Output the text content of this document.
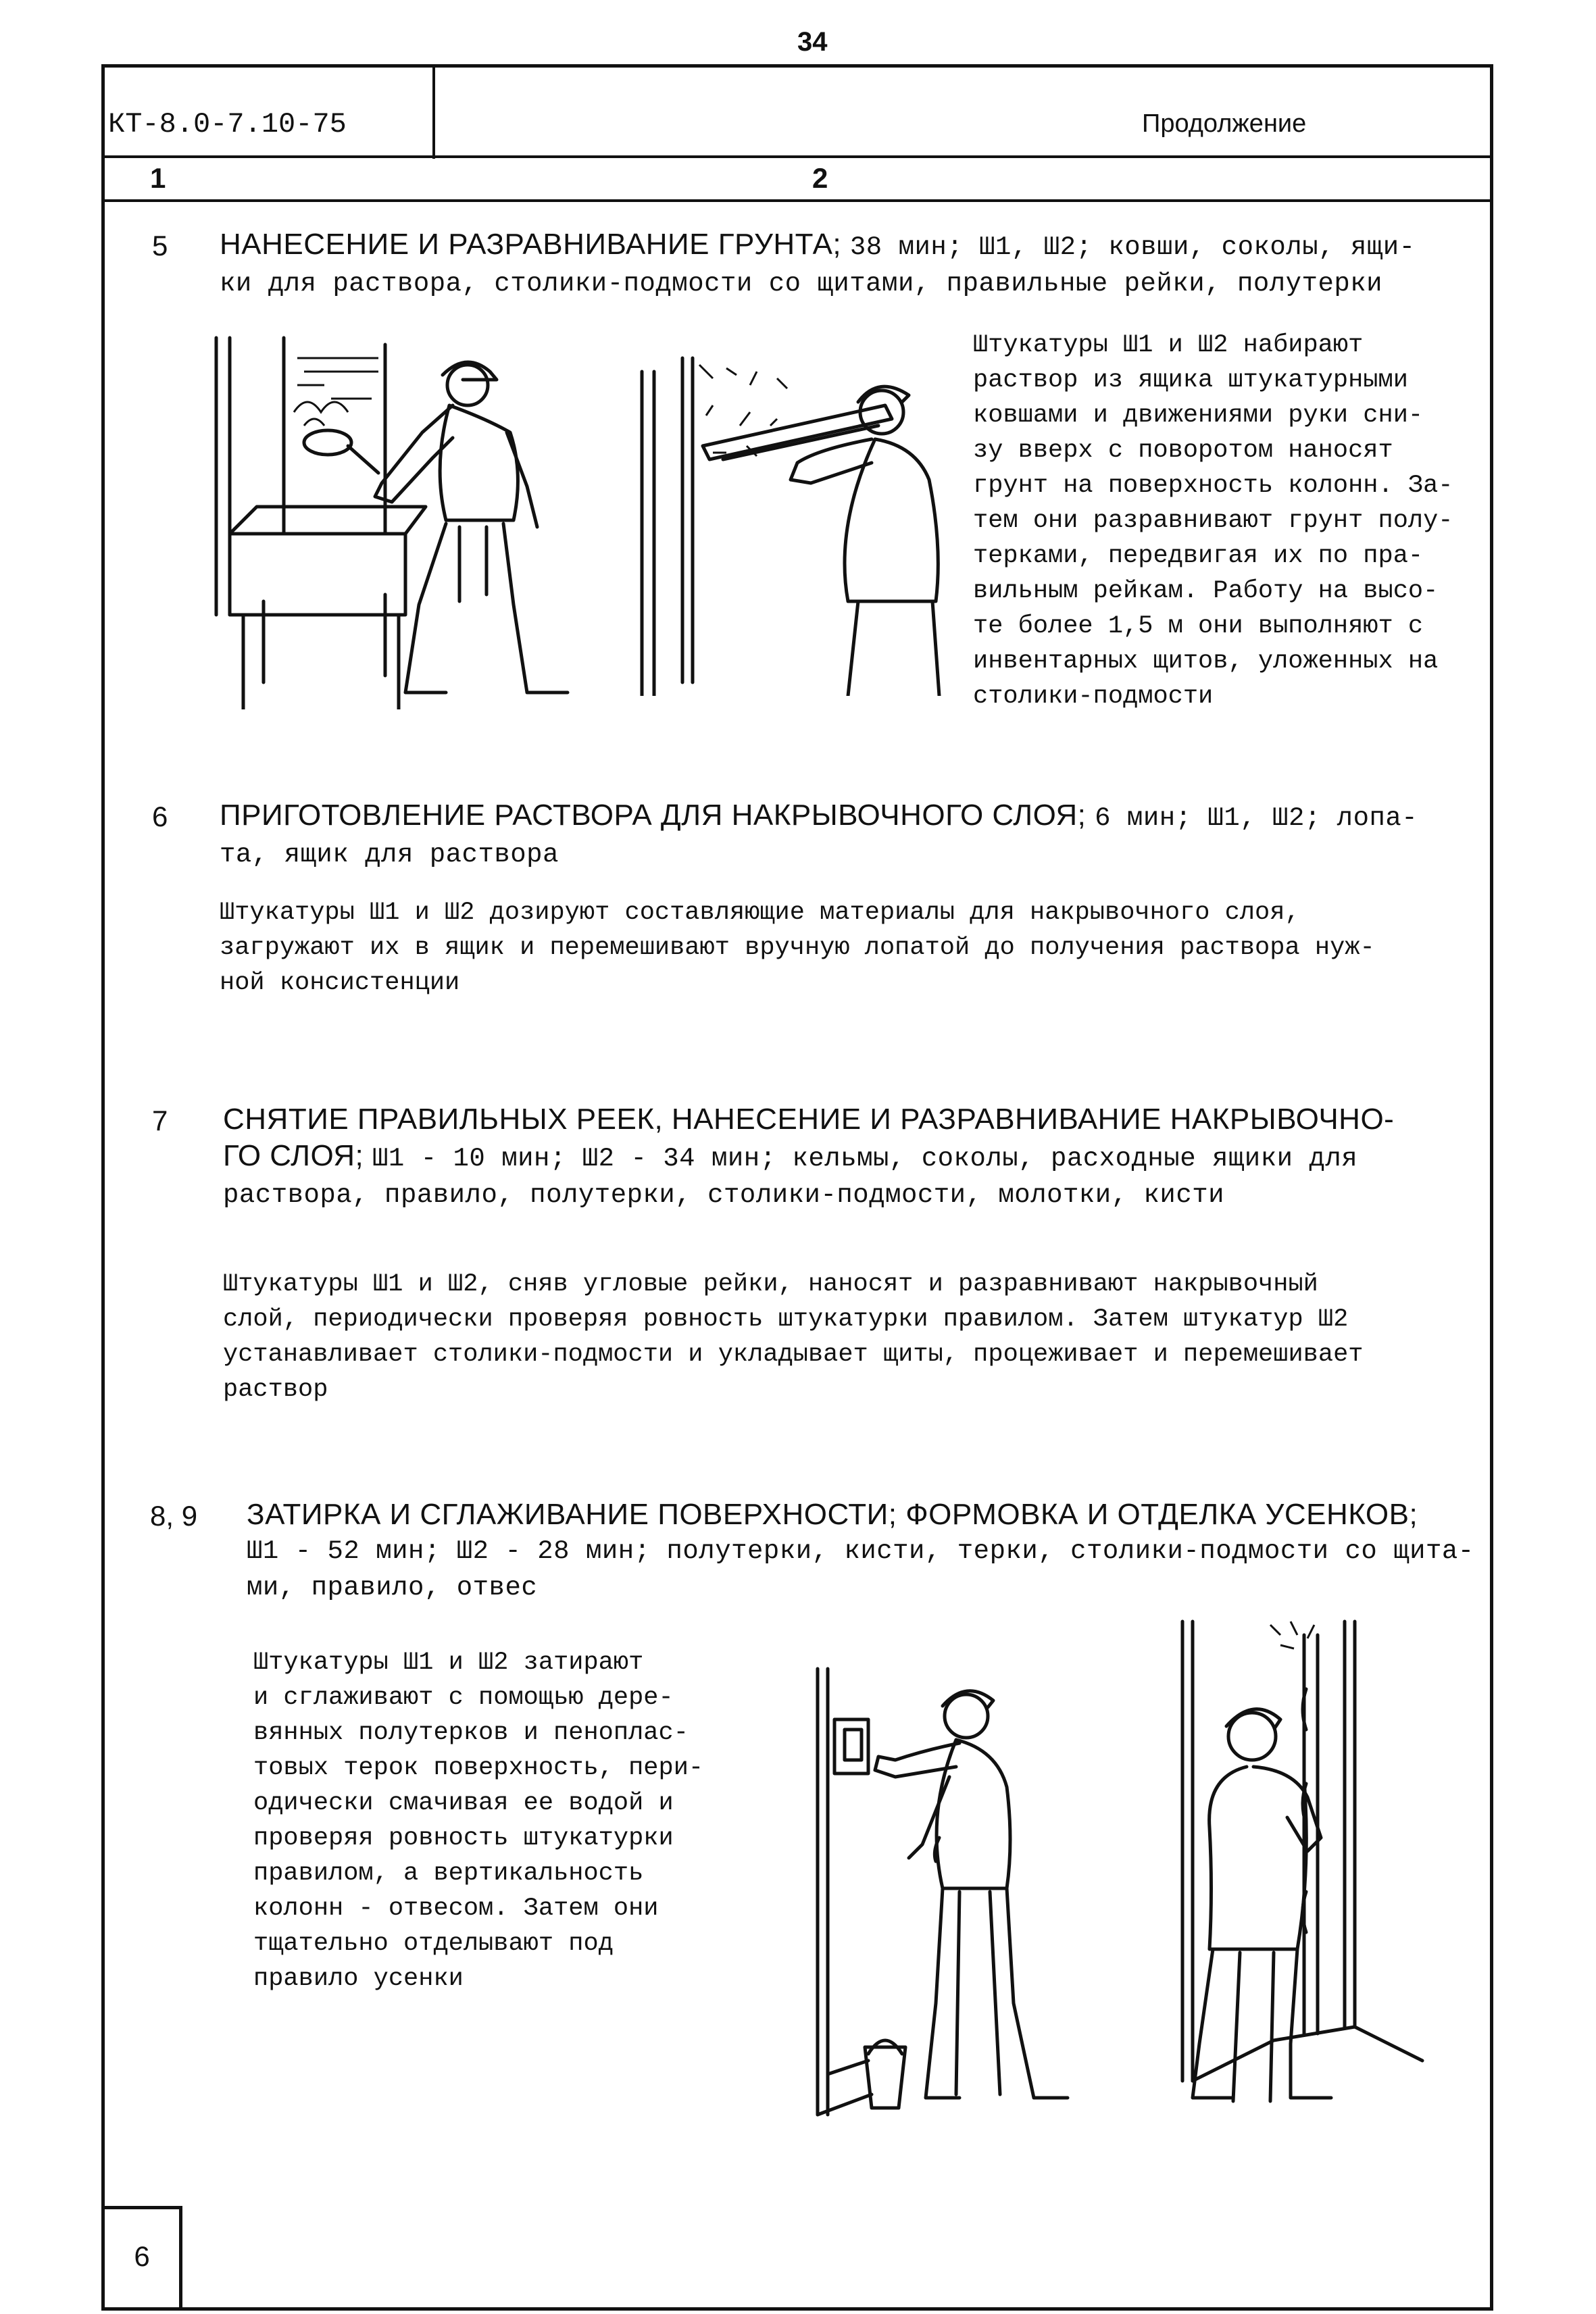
34
КТ-8.0-7.10-75	Продолжение
1	2
5 НАНЕСЕНИЕ И РАЗРАВНИВАНИЕ ГРУНТА; 38 мин; Ш1, Ш2; ковши, соколы, ящи-
ки для раствора, столики-подмости со щитами, правильные рейки, полутерки
Штукатуры Ш1 и Ш2 набирают
раствор из ящика штукатурными
ковшами и движениями руки сни-
зу вверх с поворотом наносят
грунт на поверхность колонн. За-
тем они разравнивают грунт полу-
терками, передвигая их по пра-
вильным рейкам. Работу на высо-
те более 1,5 м они выполняют с
инвентарных щитов, уложенных на
столики-подмости
6 ПРИГОТОВЛЕНИЕ РАСТВОРА ДЛЯ НАКРЫВОЧНОГО СЛОЯ; 6 мин; Ш1, Ш2; лопа-
та, ящик для раствора
Штукатуры Ш1 и Ш2 дозируют составляющие материалы для накрывочного слоя,
загружают их в ящик и перемешивают вручную лопатой до получения раствора нуж-
ной консистенции
7 СНЯТИЕ ПРАВИЛЬНЫХ РЕЕК, НАНЕСЕНИЕ И РАЗРАВНИВАНИЕ НАКРЫВОЧНО-
ГО СЛОЯ; Ш1 - 10 мин; Ш2 - 34 мин; кельмы, соколы, расходные ящики для
раствора, правило, полутерки, столики-подмости, молотки, кисти
Штукатуры Ш1 и Ш2, сняв угловые рейки, наносят и разравнивают накрывочный
слой, периодически проверяя ровность штукатурки правилом. Затем штукатур Ш2
устанавливает столики-подмости и укладывает щиты, процеживает и перемешивает
раствор
8, 9 ЗАТИРКА И СГЛАЖИВАНИЕ ПОВЕРХНОСТИ; ФОРМОВКА И ОТДЕЛКА УСЕНКОВ;
Ш1 - 52 мин; Ш2 - 28 мин; полутерки, кисти, терки, столики-подмости со щита-
ми, правило, отвес
Штукатуры Ш1 и Ш2 затирают
и сглаживают с помощью дере-
вянных полутерков и пеноплас-
товых терок поверхность, пери-
одически смачивая ее водой и
проверяя ровность штукатурки
правилом, а вертикальность
колонн - отвесом. Затем они
тщательно отделывают под
правило усенки
6
